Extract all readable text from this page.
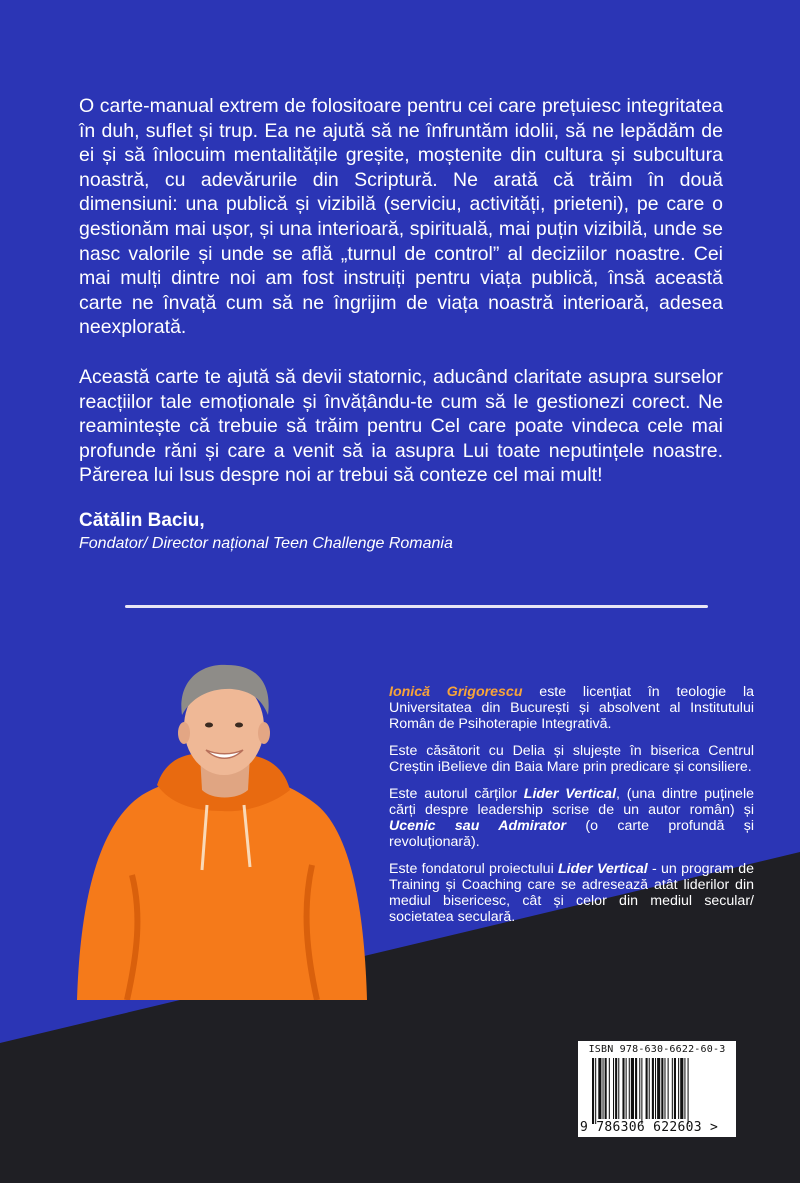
O carte-manual extrem de folositoare pentru cei care prețuiesc integritatea în duh, suflet și trup. Ea ne ajută să ne înfruntăm idolii, să ne lepădăm de ei și să înlocuim mentalitățile greșite, moștenite din cultura și subcultura noastră, cu adevărurile din Scriptură. Ne arată că trăim în două dimensiuni: una publică și vizibilă (serviciu, activități, prieteni), pe care o gestionăm mai ușor, și una interioară, spirituală, mai puțin vizibilă, unde se nasc valorile și unde se află „turnul de control” al deciziilor noastre. Cei mai mulți dintre noi am fost instruiți pentru viața publică, însă această carte ne învață cum să ne îngrijim de viața noastră interioară, adesea neexplorată.

Această carte te ajută să devii statornic, aducând claritate asupra surselor reacțiilor tale emoționale și învățându-te cum să le gestionezi corect. Ne reamintește că trebuie să trăim pentru Cel care poate vindeca cele mai profunde răni și care a venit să ia asupra Lui toate neputințele noastre. Părerea lui Isus despre noi ar trebui să conteze cel mai mult!

Cătălin Baciu,
Fondator/ Director național Teen Challenge Romania

Ionică Grigorescu este licențiat în teologie la Universitatea din București și absolvent al Institutului Român de Psihoterapie Integrativă.

Este căsătorit cu Delia și slujește în biserica Centrul Creștin iBelieve din Baia Mare prin predicare și consiliere.

Este autorul cărților Lider Vertical, (una dintre puținele cărți despre leadership scrise de un autor român) și Ucenic sau Admirator (o carte profundă și revoluționară).

Este fondatorul proiectului Lider Vertical - un program de Training și Coaching care se adresează atât liderilor din mediul bisericesc, cât și celor din mediul secular/ societatea seculară.

ISBN 978-630-6622-60-3
9 786306 622603 >
